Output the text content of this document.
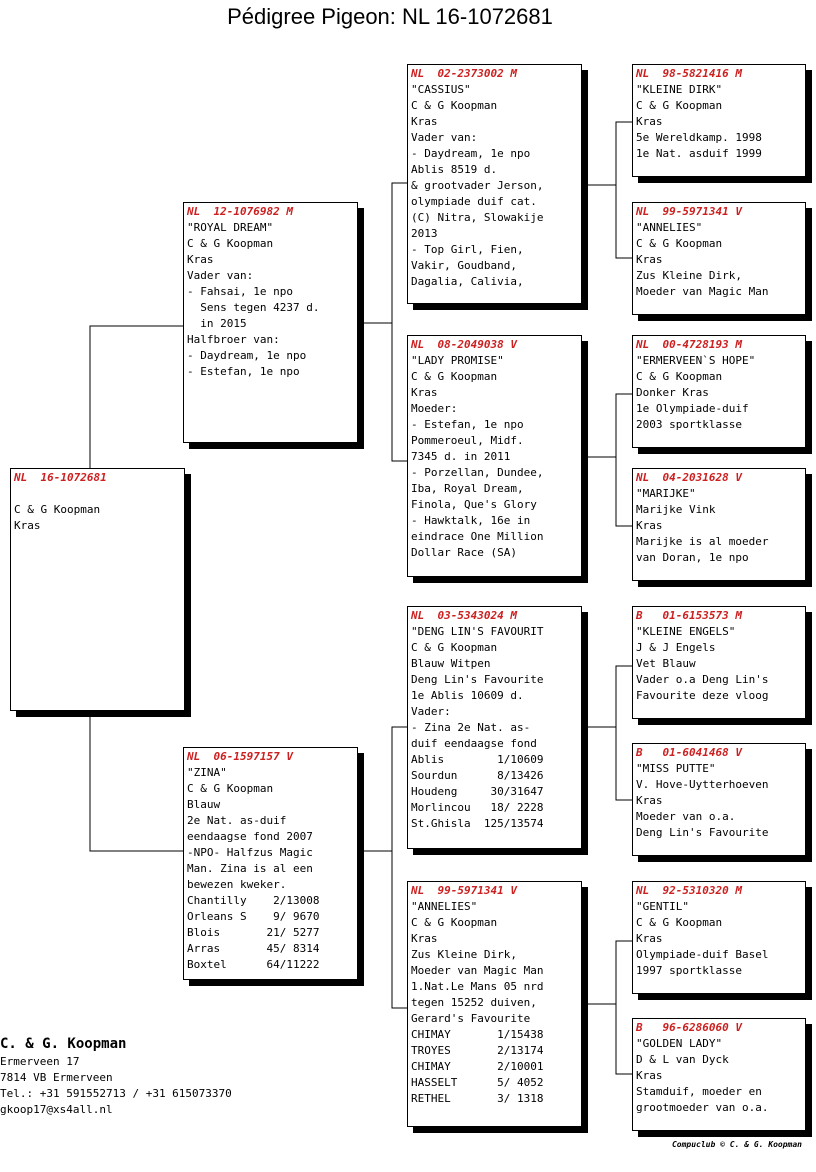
Pédigree Pigeon: NL 16-1072681
NL  16-1072681

C & G Koopman
Kras
NL  12-1076982 M
"ROYAL DREAM"
C & G Koopman
Kras
Vader van:
- Fahsai, 1e npo
Sens tegen 4237 d.
in 2015
Halfbroer van:
- Daydream, 1e npo
- Estefan, 1e npo
NL  06-1597157 V
"ZINA"
C & G Koopman
Blauw
2e Nat. as-duif
eendaagse fond 2007
-NPO- Halfzus Magic
Man. Zina is al een
bewezen kweker.
Chantilly    2/13008
Orleans S    9/ 9670
Blois       21/ 5277
Arras       45/ 8314
Boxtel      64/11222
NL  02-2373002 M
"CASSIUS"
C & G Koopman
Kras
Vader van:
- Daydream, 1e npo
Ablis 8519 d.
& grootvader Jerson,
olympiade duif cat.
(C) Nitra, Slowakije
2013
- Top Girl, Fien,
Vakir, Goudband,
Dagalia, Calivia,
NL  08-2049038 V
"LADY PROMISE"
C & G Koopman
Kras
Moeder:
- Estefan, 1e npo
Pommeroeul, Midf.
7345 d. in 2011
- Porzellan, Dundee,
Iba, Royal Dream,
Finola, Que's Glory
- Hawktalk, 16e in
eindrace One Million
Dollar Race (SA)
NL  03-5343024 M
"DENG LIN'S FAVOURIT
C & G Koopman
Blauw Witpen
Deng Lin's Favourite
1e Ablis 10609 d.
Vader:
- Zina 2e Nat. as-
duif eendaagse fond
Ablis        1/10609
Sourdun      8/13426
Houdeng     30/31647
Morlincou   18/ 2228
St.Ghisla  125/13574
NL  99-5971341 V
"ANNELIES"
C & G Koopman
Kras
Zus Kleine Dirk,
Moeder van Magic Man
1.Nat.Le Mans 05 nrd
tegen 15252 duiven,
Gerard's Favourite
CHIMAY       1/15438
TROYES       2/13174
CHIMAY       2/10001
HASSELT      5/ 4052
RETHEL       3/ 1318
NL  98-5821416 M
"KLEINE DIRK"
C & G Koopman
Kras
5e Wereldkamp. 1998
1e Nat. asduif 1999
NL  99-5971341 V
"ANNELIES"
C & G Koopman
Kras
Zus Kleine Dirk,
Moeder van Magic Man
NL  00-4728193 M
"ERMERVEEN`S HOPE"
C & G Koopman
Donker Kras
1e Olympiade-duif
2003 sportklasse
NL  04-2031628 V
"MARIJKE"
Marijke Vink
Kras
Marijke is al moeder
van Doran, 1e npo
B   01-6153573 M
"KLEINE ENGELS"
J & J Engels
Vet Blauw
Vader o.a Deng Lin's
Favourite deze vloog
B   01-6041468 V
"MISS PUTTE"
V. Hove-Uytterhoeven
Kras
Moeder van o.a.
Deng Lin's Favourite
NL  92-5310320 M
"GENTIL"
C & G Koopman
Kras
Olympiade-duif Basel
1997 sportklasse
B   96-6286060 V
"GOLDEN LADY"
D & L van Dyck
Kras
Stamduif, moeder en
grootmoeder van o.a.
C. & G. Koopman
Ermerveen 17
7814 VB Ermerveen
Tel.: +31 591552713 / +31 615073370
gkoop17@xs4all.nl
Compuclub © C. & G. Koopman
